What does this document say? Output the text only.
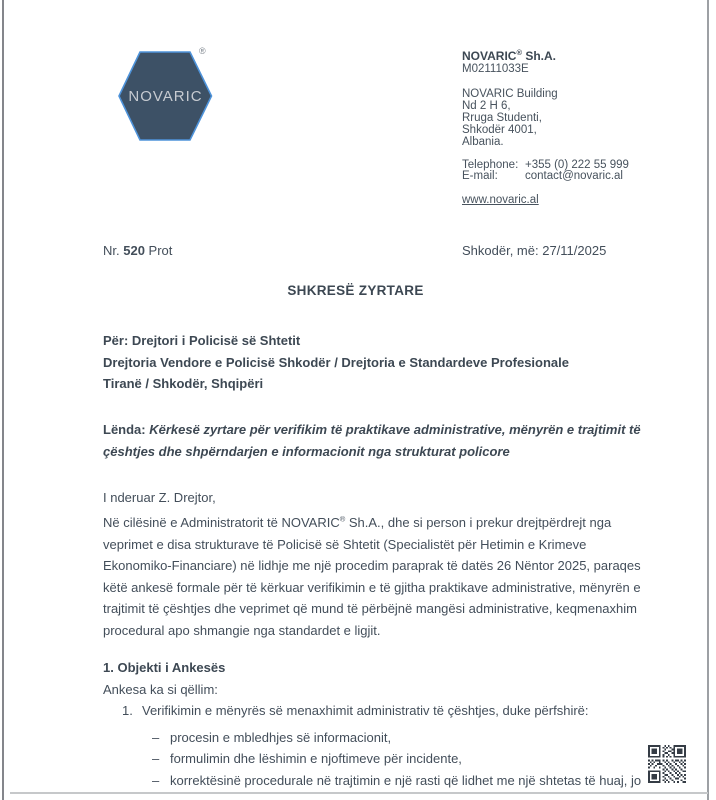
NOVARIC
®	NOVARIC® Sh.A.
M02111033E
NOVARIC Building
Nd 2 H 6,
Rruga Studenti,
Shkodër 4001,
Albania.
Telephone: +355 (0) 222 55 999
E-mail:	contact@novaric.al
www.novaric.al
Nr. 520 Prot	Shkodër, më: 27/11/2025
SHKRESË ZYRTARE
Për: Drejtori i Policisë së Shtetit
Drejtoria Vendore e Policisë Shkodër / Drejtoria e Standardeve Profesionale
Tiranë / Shkodër, Shqipëri
Lënda: Kërkesë zyrtare për verifikim të praktikave administrative, mënyrën e trajtimit të çështjes dhe shpërndarjen e informacionit nga strukturat policore
I nderuar Z. Drejtor,
Në cilësinë e Administratorit të NOVARIC® Sh.A., dhe si person i prekur drejtpërdrejt nga veprimet e disa strukturave të Policisë së Shtetit (Specialistët për Hetimin e Krimeve Ekonomiko-Financiare) në lidhje me një procedim paraprak të datës 26 Nëntor 2025, paraqes këtë ankesë formale për të kërkuar verifikimin e të gjitha praktikave administrative, mënyrën e trajtimit të çështjes dhe veprimet që mund të përbëjnë mangësi administrative, keqmenaxhim procedural apo shmangie nga standardet e ligjit.
1. Objekti i Ankesës
Ankesa ka si qëllim:
1. Verifikimin e mënyrës së menaxhimit administrativ të çështjes, duke përfshirë:
– procesin e mbledhjes së informacionit,
– formulimin dhe lëshimin e njoftimeve për incidente,
– korrektësinë procedurale në trajtimin e një rasti që lidhet me një shtetas të huaj, jo
